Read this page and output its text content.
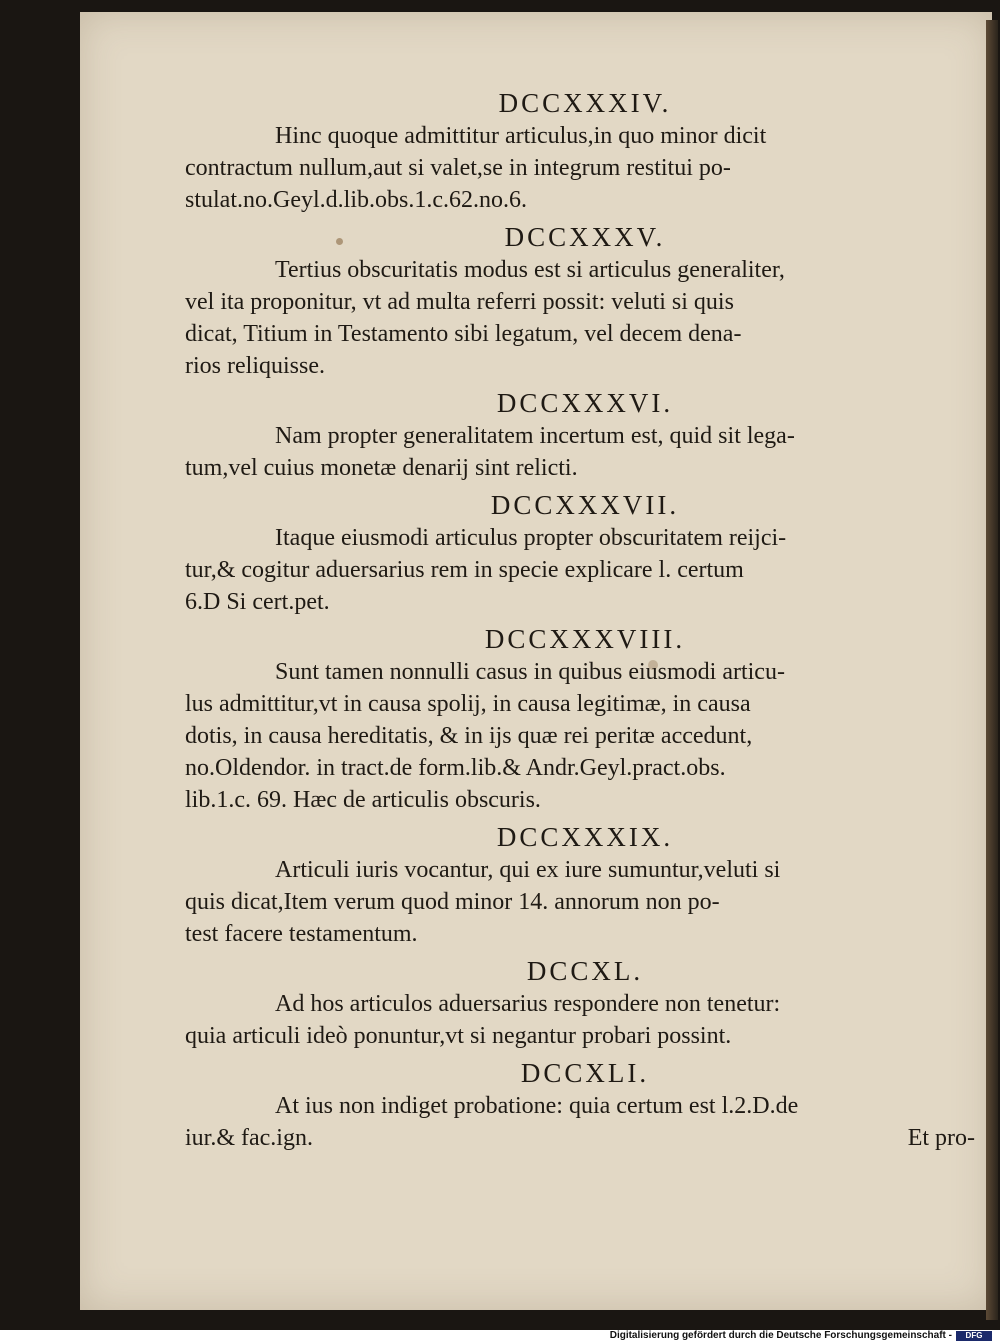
DCCXXXIV.
Hinc quoque admittitur articulus,in quo minor dicit
contractum nullum,aut si valet,se in integrum restitui po-
stulat.no.Geyl.d.lib.obs.1.c.62.no.6.
DCCXXXV.
Tertius obscuritatis modus est si articulus generaliter,
vel ita proponitur, vt ad multa referri possit: veluti si quis
dicat, Titium in Testamento sibi legatum, vel decem dena-
rios reliquisse.
DCCXXXVI.
Nam propter generalitatem incertum est, quid sit lega-
tum,vel cuius monetæ denarij sint relicti.
DCCXXXVII.
Itaque eiusmodi articulus propter obscuritatem reijci-
tur,& cogitur aduersarius rem in specie explicare l. certum
6.D Si cert.pet.
DCCXXXVIII.
Sunt tamen nonnulli casus in quibus eiusmodi articu-
lus admittitur,vt in causa spolij, in causa legitimæ, in causa
dotis, in causa hereditatis, & in ijs quæ rei peritæ accedunt,
no.Oldendor. in tract.de form.lib.& Andr.Geyl.pract.obs.
lib.1.c. 69. Hæc de articulis obscuris.
DCCXXXIX.
Articuli iuris vocantur, qui ex iure sumuntur,veluti si
quis dicat,Item verum quod minor 14. annorum non po-
test facere testamentum.
DCCXL.
Ad hos articulos aduersarius respondere non tenetur:
quia articuli ideò ponuntur,vt si negantur probari possint.
DCCXLI.
At ius non indiget probatione: quia certum est l.2.D.de
Et pro-
iur.& fac.ign.
Digitalisierung gefördert durch die Deutsche Forschungsgemeinschaft -	DFG
